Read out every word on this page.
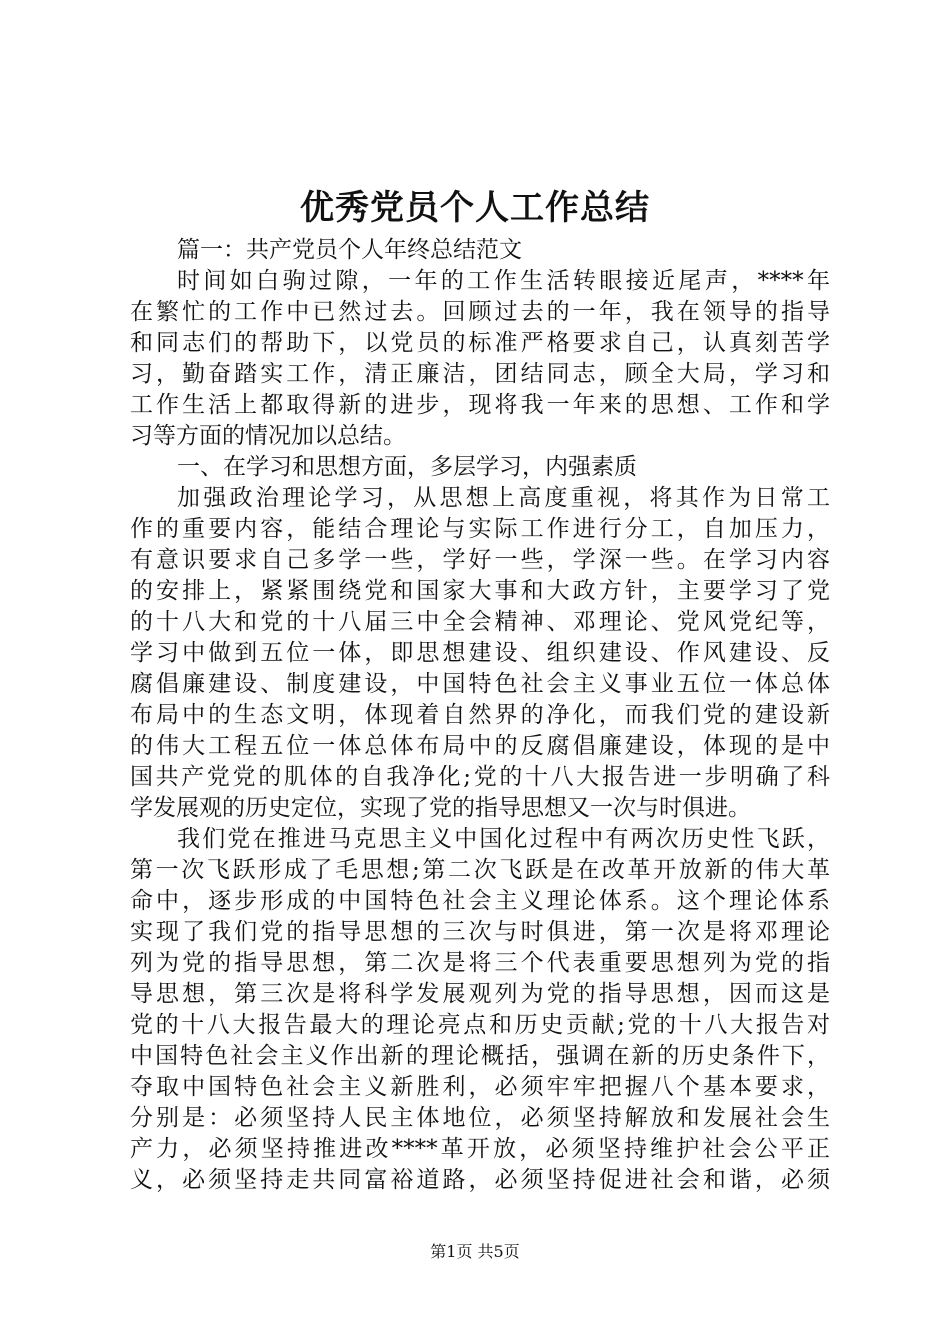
优秀党员个人工作总结
篇一：共产党员个人年终总结范文
时间如白驹过隙，一年的工作生活转眼接近尾声，****年
在繁忙的工作中已然过去。回顾过去的一年，我在领导的指导
和同志们的帮助下，以党员的标准严格要求自己，认真刻苦学
习，勤奋踏实工作，清正廉洁，团结同志，顾全大局，学习和
工作生活上都取得新的进步，现将我一年来的思想、工作和学
习等方面的情况加以总结。
一、在学习和思想方面，多层学习，内强素质
加强政治理论学习，从思想上高度重视，将其作为日常工
作的重要内容，能结合理论与实际工作进行分工，自加压力，
有意识要求自己多学一些，学好一些，学深一些。在学习内容
的安排上，紧紧围绕党和国家大事和大政方针，主要学习了党
的十八大和党的十八届三中全会精神、邓理论、党风党纪等，
学习中做到五位一体，即思想建设、组织建设、作风建设、反
腐倡廉建设、制度建设，中国特色社会主义事业五位一体总体
布局中的生态文明，体现着自然界的净化，而我们党的建设新
的伟大工程五位一体总体布局中的反腐倡廉建设，体现的是中
国共产党党的肌体的自我净化;党的十八大报告进一步明确了科
学发展观的历史定位，实现了党的指导思想又一次与时俱进。
我们党在推进马克思主义中国化过程中有两次历史性飞跃，
第一次飞跃形成了毛思想;第二次飞跃是在改革开放新的伟大革
命中，逐步形成的中国特色社会主义理论体系。这个理论体系
实现了我们党的指导思想的三次与时俱进，第一次是将邓理论
列为党的指导思想，第二次是将三个代表重要思想列为党的指
导思想，第三次是将科学发展观列为党的指导思想，因而这是
党的十八大报告最大的理论亮点和历史贡献;党的十八大报告对
中国特色社会主义作出新的理论概括，强调在新的历史条件下，
夺取中国特色社会主义新胜利，必须牢牢把握八个基本要求，
分别是：必须坚持人民主体地位，必须坚持解放和发展社会生
产力，必须坚持推进改****革开放，必须坚持维护社会公平正
义，必须坚持走共同富裕道路，必须坚持促进社会和谐，必须
第1页 共5页
